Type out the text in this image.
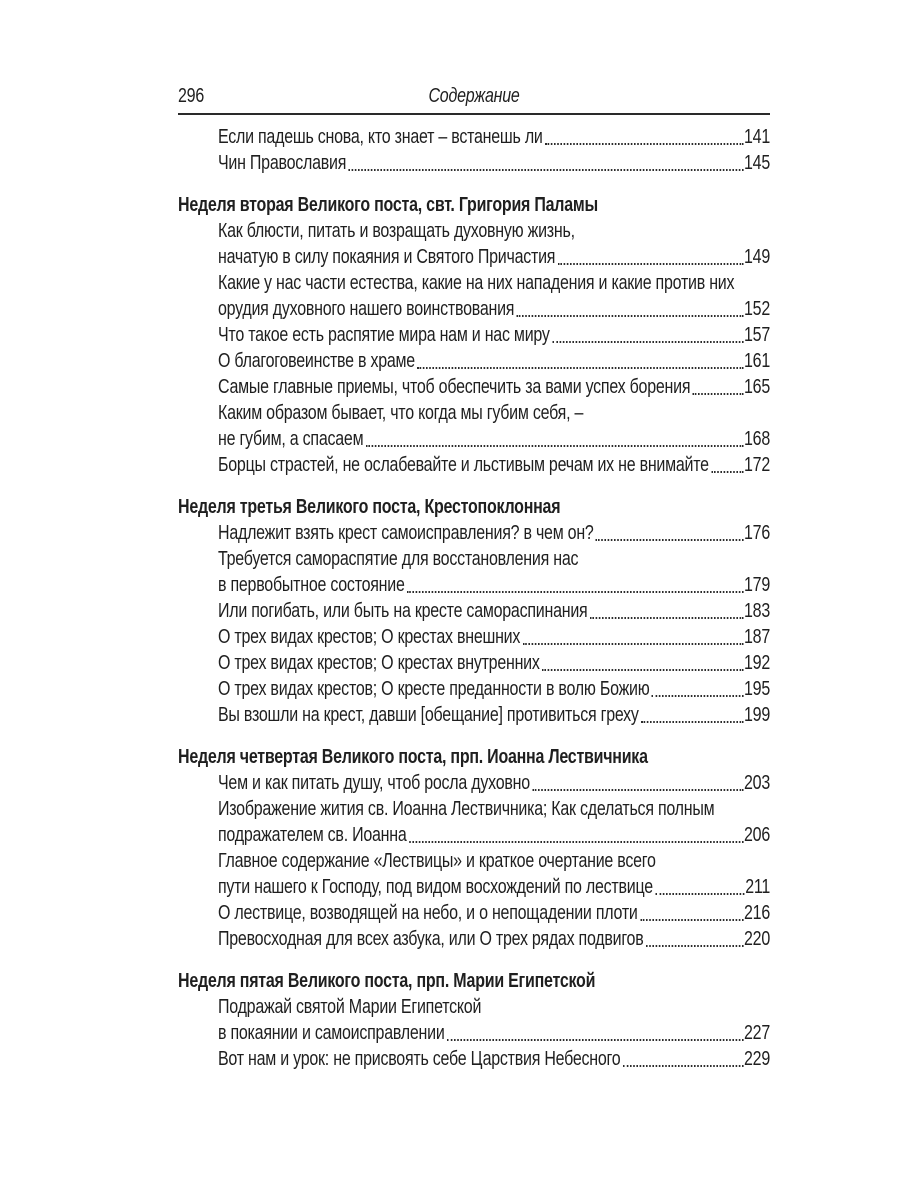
296	Содержание
Если падешь снова, кто знает – встанешь ли	141
Чин Православия	145
Неделя вторая Великого поста, свт. Григория Паламы
Как блюсти, питать и возращать духовную жизнь,
начатую в силу покаяния и Святого Причастия	149
Какие у нас части естества, какие на них нападения и какие против них
орудия духовного нашего воинствования	152
Что такое есть распятие мира нам и нас миру	157
О благоговеинстве в храме	161
Самые главные приемы, чтоб обеспечить за вами успех борения	165
Каким образом бывает, что когда мы губим себя, –
не губим, а спасаем	168
Борцы страстей, не ослабевайте и льстивым речам их не внимайте 172
Неделя третья Великого поста, Крестопоклонная
Надлежит взять крест самоисправления? в чем он?	176
Требуется самораспятие для восстановления нас
в первобытное состояние	179
Или погибать, или быть на кресте самораспинания	183
О трех видах крестов; О крестах внешних	187
О трех видах крестов; О крестах внутренних	192
О трех видах крестов; О кресте преданности в волю Божию	195
Вы взошли на крест, давши [обещание] противиться греху	199
Неделя четвертая Великого поста, прп. Иоанна Лествичника
Чем и как питать душу, чтоб росла духовно	203
Изображение жития св. Иоанна Лествичника; Как сделаться полным
подражателем св. Иоанна	206
Главное содержание «Лествицы» и краткое очертание всего
пути нашего к Господу, под видом восхождений по лествице	211
О лествице, возводящей на небо, и о непощадении плоти	216
Превосходная для всех азбука, или О трех рядах подвигов	220
Неделя пятая Великого поста, прп. Марии Египетской
Подражай святой Марии Египетской
в покаянии и самоисправлении	227
Вот нам и урок: не присвоять себе Царствия Небесного	229
